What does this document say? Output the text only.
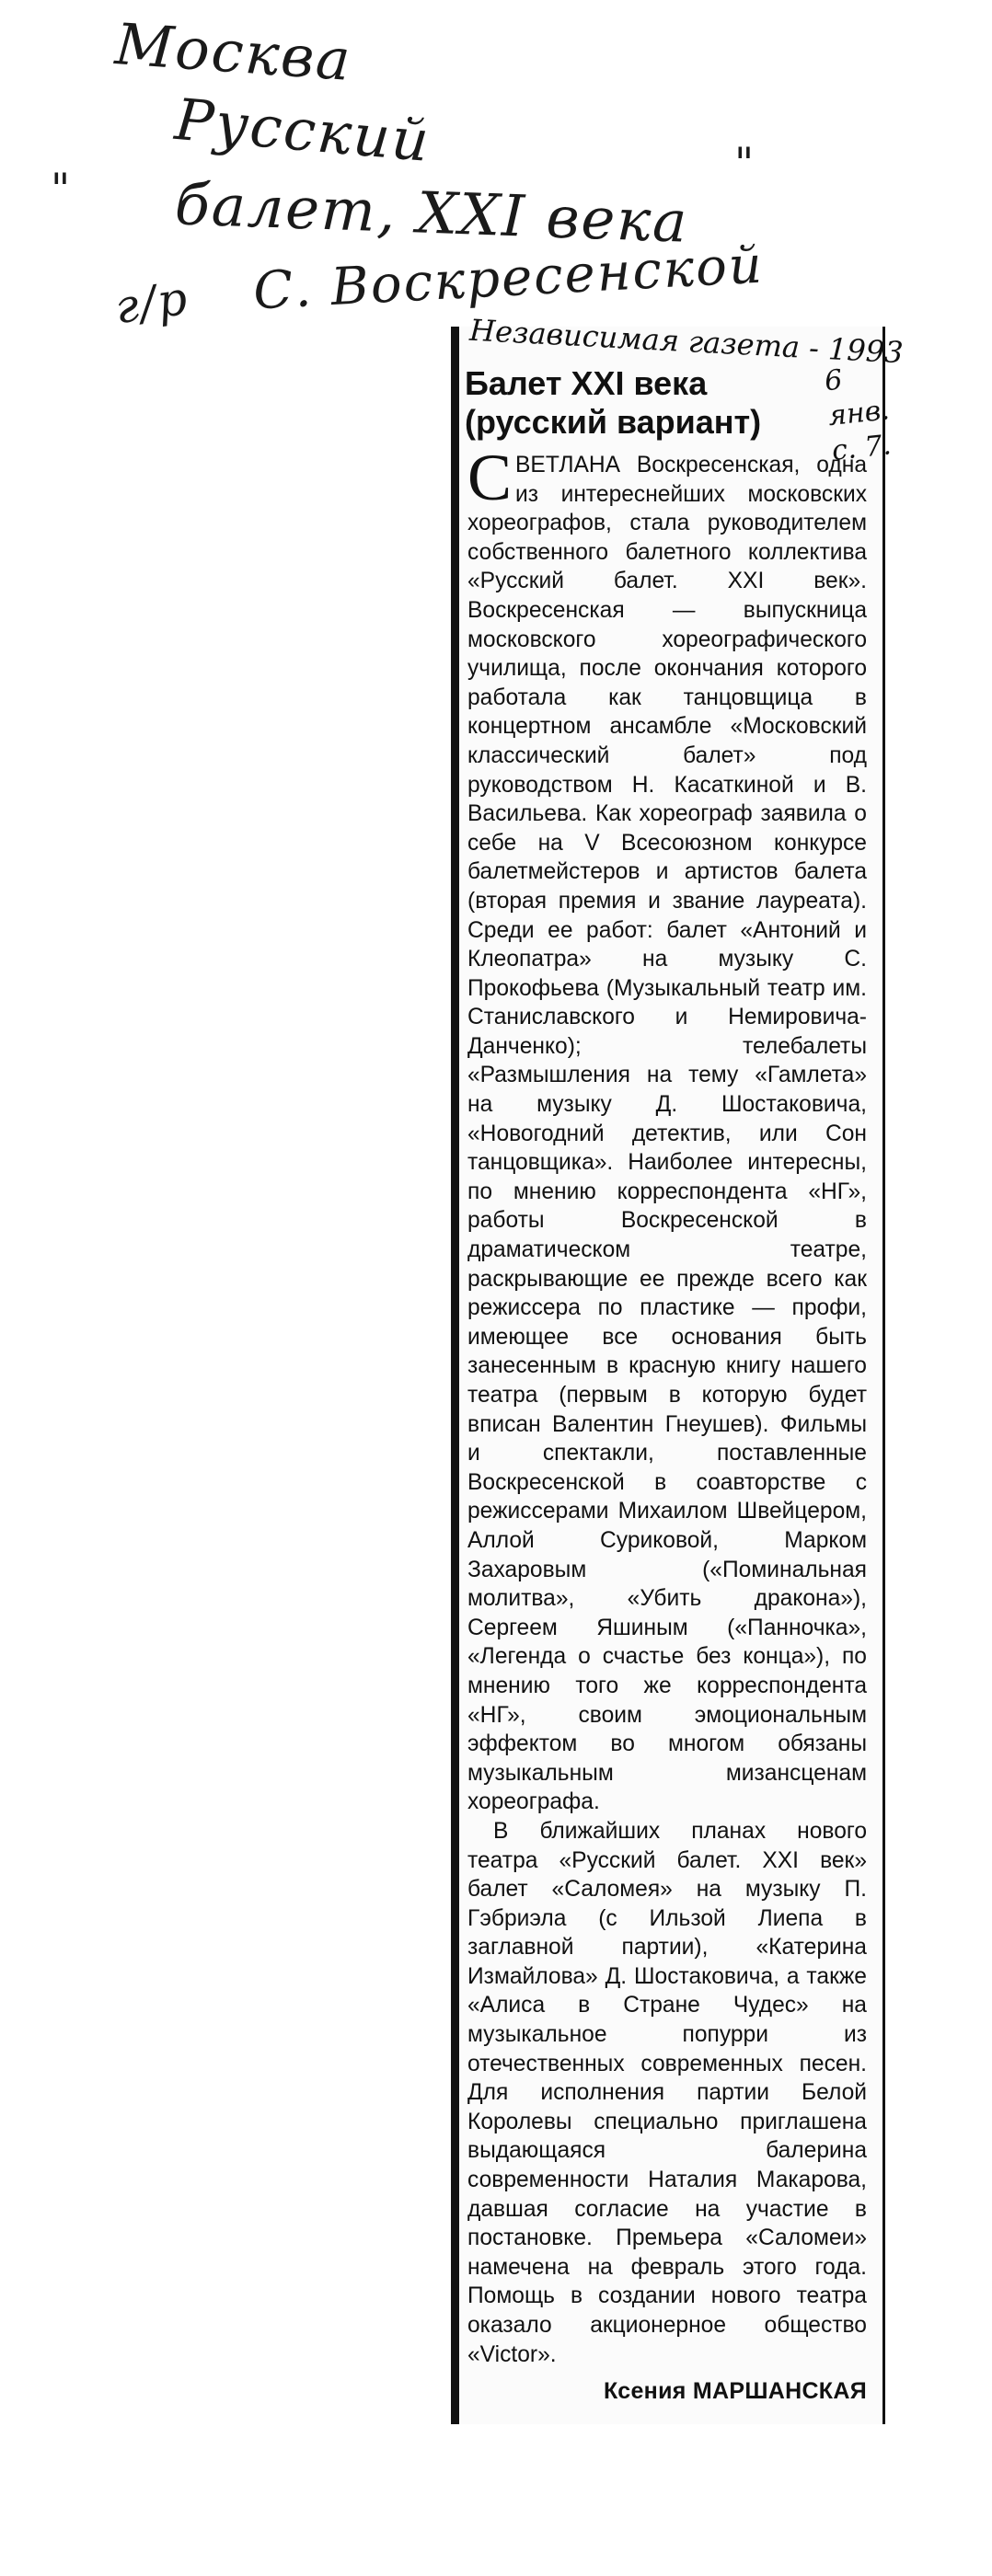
Москва
Русский
"
"
балет, XXI века
С. Воскресенской
г/р
Независимая газета - 1993
6 янв.
с. 7.
Балет XXI века
(русский вариант)

СВЕТЛАНА Воскресенская, одна из интереснейших московских хореографов, стала руководителем собственного балетного коллектива «Русский балет. XXI век». Воскресенская — выпускница московского хореографического училища, после окончания которого работала как танцовщица в концертном ансамбле «Московский классический балет» под руководством Н. Касаткиной и В. Васильева. Как хореограф заявила о себе на V Всесоюзном конкурсе балетмейстеров и артистов балета (вторая премия и звание лауреата). Среди ее работ: балет «Антоний и Клеопатра» на музыку С. Прокофьева (Музыкальный театр им. Станиславского и Немировича-Данченко); телебалеты «Размышления на тему «Гамлета» на музыку Д. Шостаковича, «Новогодний детектив, или Сон танцовщика». Наиболее интересны, по мнению корреспондента «НГ», работы Воскресенской в драматическом театре, раскрывающие ее прежде всего как режиссера по пластике — профи, имеющее все основания быть занесенным в красную книгу нашего театра (первым в которую будет вписан Валентин Гнеушев). Фильмы и спектакли, поставленные Воскресенской в соавторстве с режиссерами Михаилом Швейцером, Аллой Суриковой, Марком Захаровым («Поминальная молитва», «Убить дракона»), Сергеем Яшиным («Панночка», «Легенда о счастье без конца»), по мнению того же корреспондента «НГ», своим эмоциональным эффектом во многом обязаны музыкальным мизансценам хореографа.

В ближайших планах нового театра «Русский балет. XXI век» балет «Саломея» на музыку П. Гэбриэла (с Ильзой Лиепа в заглавной партии), «Катерина Измайлова» Д. Шостаковича, а также «Алиса в Стране Чудес» на музыкальное попурри из отечественных современных песен. Для исполнения партии Белой Королевы специально приглашена выдающаяся балерина современности Наталия Макарова, давшая согласие на участие в постановке. Премьера «Саломеи» намечена на февраль этого года. Помощь в создании нового театра оказало акционерное общество «Victor».

Ксения МАРШАНСКАЯ
